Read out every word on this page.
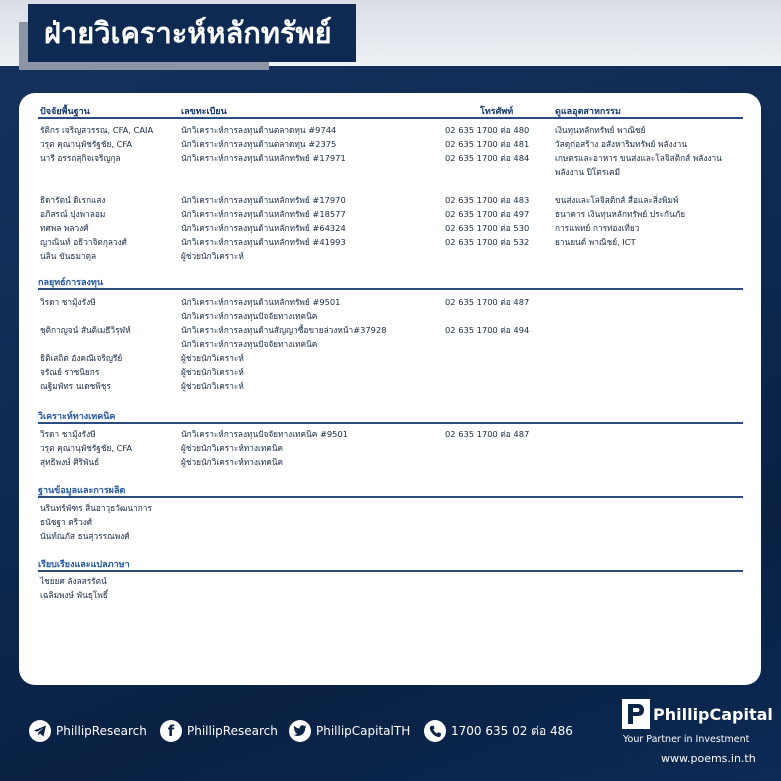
ฝ่ายวิเคราะห์หลักทรัพย์
ปัจจัยพื้นฐาน	เลขทะเบียน	โทรศัพท์	ดูแลอุตสาหกรรม
รัติกร เจริญสวรรณ, CFA, CAIA	นักวิเคราะห์การลงทุนด้านตลาดทุน #9744	02 635 1700 ต่อ 480	เงินทุนหลักทรัพย์ พาณิชย์
วรุต คุณานุพัชรัฐชัย, CFA	นักวิเคราะห์การลงทุนด้านตลาดทุน #2375	02 635 1700 ต่อ 481	วัสดุก่อสร้าง อสังหาริมทรัพย์ พลังงาน
นารี อรรถสุกิจเจริญกุล	นักวิเคราะห์การลงทุนด้านหลักทรัพย์ #17971	02 635 1700 ต่อ 484	เกษตรและอาหาร ขนส่งและโลจิสติกส์ พลังงาน
พลังงาน ปิโตรเคมี
ธิดารัตน์ ดิเรกแสง	นักวิเคราะห์การลงทุนด้านหลักทรัพย์ #17970	02 635 1700 ต่อ 483	ขนส่งและโลจิสติกส์ สื่อและสิ่งพิมพ์
อภิสรณ์ ปุงพาลอม	นักวิเคราะห์การลงทุนด้านหลักทรัพย์ #18577	02 635 1700 ต่อ 497	ธนาคาร เงินทุนหลักทรัพย์ ประกันภัย
ทศพล พลวงศ์	นักวิเคราะห์การลงทุนด้านหลักทรัพย์ #64324	02 635 1700 ต่อ 530	การแพทย์ การท่องเที่ยว
ญาณินท์ อธิวาจิตกุลวงศ์	นักวิเคราะห์การลงทุนด้านหลักทรัพย์ #41993	02 635 1700 ต่อ 532	ยานยนต์ พาณิชย์, ICT
นลิน ขันธมาตุล	ผู้ช่วยนักวิเคราะห์
กลยุทธ์การลงทุน
วิรดา ชามุ้งรังษี	นักวิเคราะห์การลงทุนด้านหลักทรัพย์ #9501	02 635 1700 ต่อ 487
นักวิเคราะห์การลงทุนปัจจัยทางเทคนิค
ชุติกาญจน์ สันติเมธีวิรุฬห์	นักวิเคราะห์การลงทุนด้านสัญญาซื้อขายล่วงหน้า#37928	02 635 1700 ต่อ 494
นักวิเคราะห์การลงทุนปัจจัยทางเทคนิค
ธิติเสถิต อังคณีเจริญรีย์	ผู้ช่วยนักวิเคราะห์
จรัณย์ ราชนิยกร	ผู้ช่วยนักวิเคราะห์
ณฐิมพัทร นเดชพิชุร	ผู้ช่วยนักวิเคราะห์
วิเคราะห์ทางเทคนิค
วิรดา ชามุ้งรังษี	นักวิเคราะห์การลงทุนปัจจัยทางเทคนิค #9501	02 635 1700 ต่อ 487
วรุต คุณานุพัชรัฐชัย, CFA	ผู้ช่วยนักวิเคราะห์ทางเทคนิค
สุทธิพงษ์ ศิริพันธ์	ผู้ช่วยนักวิเคราะห์ทางเทคนิค
ฐานข้อมูลและการผลิต
นรินทร์พัฑร สิ่นอาวุธวัฒนาการ
ธนัชฐา ตริวงศ์
นันท์ณภัส ธนสุวรรณพงศ์
เรียบเรียงและแปลภาษา
ไชยยศ ลังลสรรัตน์
เฉลิมพงษ์ พันธุโพธิ์
PhillipResearch f PhillipResearch	PhillipCapitalTH	1700 635 02 ต่อ 486
PhillipCapital
Your Partner in Investment
www.poems.in.th
